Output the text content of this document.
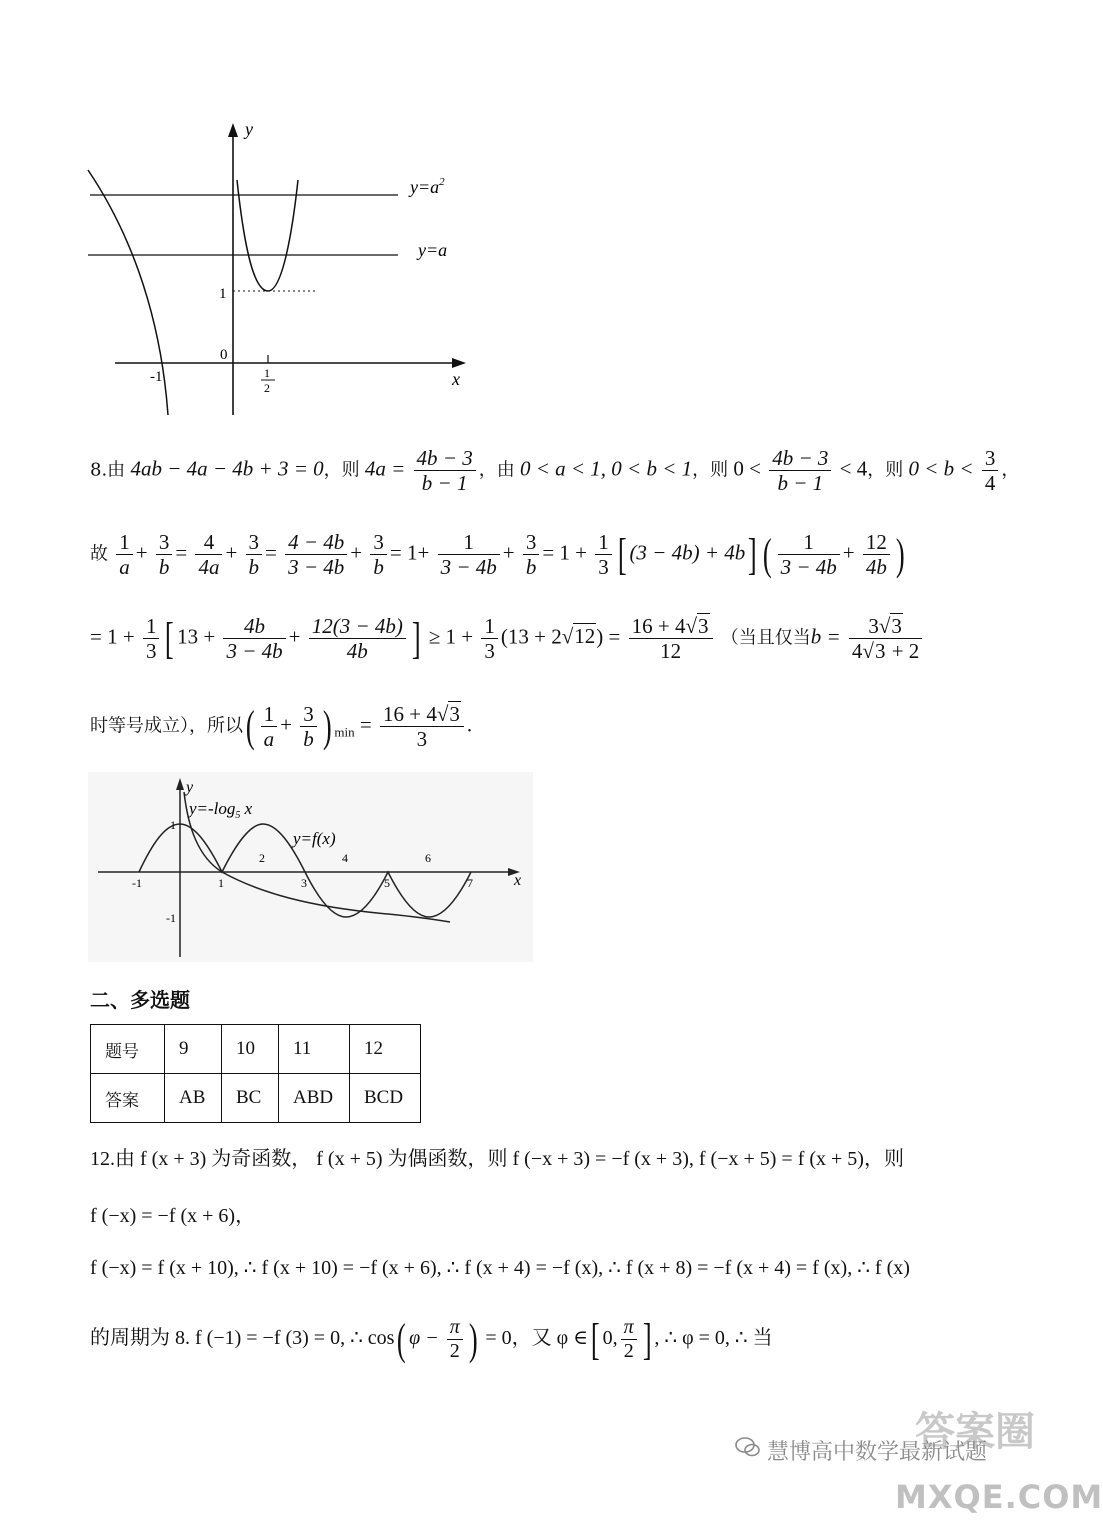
y
x
$y=a^2$
y=a
1
0
-1	1
2
8.由 4ab − 4a − 4b + 3 = 0，则 $4a = \frac{4b - 3}{b - 1}$ ，由 0 < a < 1, 0 < b < 1，则 $0 < \frac{4b - 3}{b - 1} < 4$，则 $0 < b < \frac{3}{4}$ ，
故 $\frac{1}{a} + \frac{3}{b} = \frac{4}{4a} + \frac{3}{b} = \frac{4 - 4b}{3 - 4b} + \frac{3}{b} = 1+ \frac{1}{3 - 4b} + \frac{3}{b} = 1 + \frac{1}{3}$ [ (3 − 4b) + 4b] ( $\frac{1}{3 - 4b} + \frac{12}{4b}$ )
= $1 + \frac{1}{3}$ [ $13 + \frac{4b}{3 - 4b} + \frac{12(3 - 4b)}{4b}$ ] ≥ $1 + \frac{1}{3} (13 + 2√12) = \frac{16 + 4√3}{12}$ （当且仅当$b = \frac{3√3}{4√3 + 2}$
时等号成立），所以( $\frac{1}{a} + \frac{3}{b}$ ) $_{min} = \frac{16 + 4√3}{3}$ .
y
x
$y=-\log_5$ x
y=f(x)
1
-1
-1	1
2
3
4
5
6
7
二、多选题
题号	9	10	11	12
答案	AB	BC	ABD	BCD
12.由 f (x + 3) 为奇函数， f (x + 5) 为偶函数，则 f (−x + 3) = −f (x + 3), f (−x + 5) = f (x + 5)，则
f (−x) = −f (x + 6)，
f (−x) = f (x + 10), ∴ f (x + 10) = −f (x + 6), ∴ f (x + 4) = −f (x), ∴ f (x + 8) = −f (x + 4) = f (x), ∴ f (x)
的周期为 8. f (−1) = −f (3) = 0, ∴ cos( $\varphi - \frac{\pi}{2}$ ) = 0，又 φ ∈[ 0, $\frac{\pi}{2}$ ] , ∴ φ = 0, ∴ 当
答案圈
慧博高中数学最新试题
MXQE.COM
